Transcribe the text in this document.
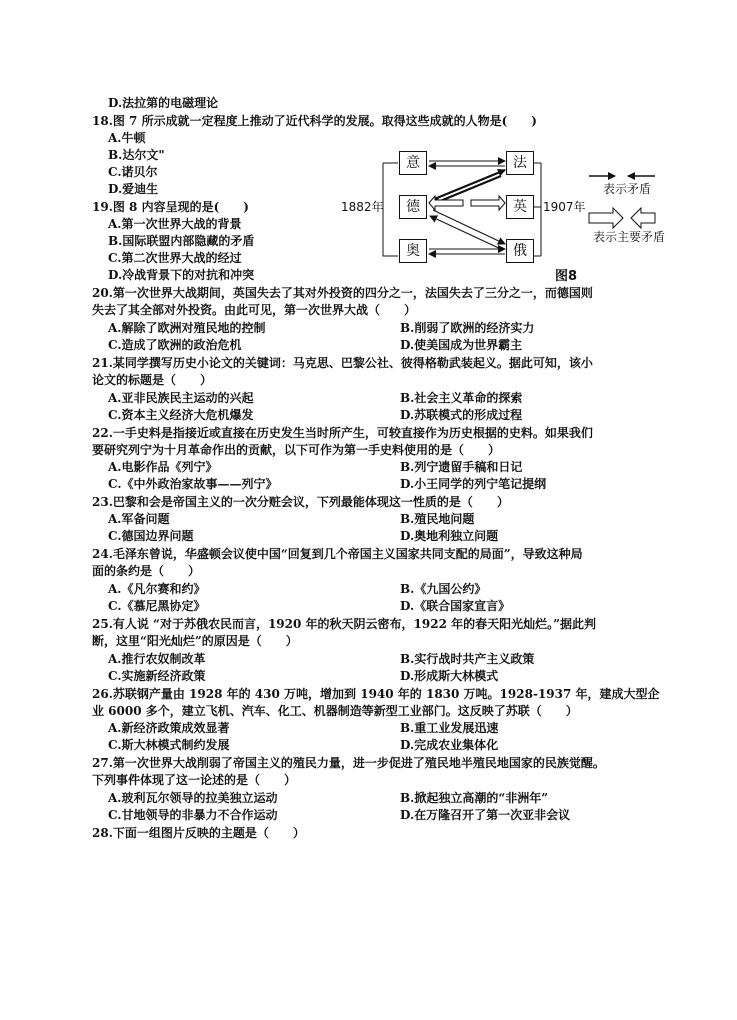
D.法拉第的电磁理论
18.图 7 所示成就一定程度上推动了近代科学的发展。取得这些成就的人物是(　　)
A.牛顿
B.达尔文"
C.诺贝尔
D.爱迪生
19.图 8 内容呈现的是(　　)
A.第一次世界大战的背景
B.国际联盟内部隐藏的矛盾
C.第二次世界大战的经过
D.冷战背景下的对抗和冲突
意	法
德	英
奥	俄
1882年	1907年
表示矛盾
表示主要矛盾
图8
20.第一次世界大战期间，英国失去了其对外投资的四分之一，法国失去了三分之一，而德国则
失去了其全部对外投资。由此可见，第一次世界大战（　　）
A.解除了欧洲对殖民地的控制	B.削弱了欧洲的经济实力
C.造成了欧洲的政治危机	D.使美国成为世界霸主
21.某同学撰写历史小论文的关键词：马克思、巴黎公社、彼得格勒武装起义。据此可知，该小
论文的标题是（　　）
A.亚非民族民主运动的兴起	B.社会主义革命的探索
C.资本主义经济大危机爆发	D.苏联模式的形成过程
22.一手史料是指接近或直接在历史发生当时所产生，可较直接作为历史根据的史料。如果我们
要研究列宁为十月革命作出的贡献，以下可作为第一手史料使用的是（　　）
A.电影作品《列宁》	B.列宁遗留手稿和日记
C.《中外政治家故事——列宁》	D.小王同学的列宁笔记提纲
23.巴黎和会是帝国主义的一次分赃会议，下列最能体现这一性质的是（　　）
A.军备问题	B.殖民地问题
C.德国边界问题	D.奥地利独立问题
24.毛泽东曾说，华盛顿会议使中国“回复到几个帝国主义国家共同支配的局面”，导致这种局
面的条约是（　　）
A.《凡尔赛和约》	B.《九国公约》
C.《慕尼黑协定》	D.《联合国家宣言》
25.有人说 “对于苏俄农民而言，1920 年的秋天阴云密布，1922 年的春天阳光灿烂。”据此判
断，这里“阳光灿烂”的原因是（　　）
A.推行农奴制改革	B.实行战时共产主义政策
C.实施新经济政策	D.形成斯大林模式
26.苏联钢产量由 1928 年的 430 万吨，增加到 1940 年的 1830 万吨。1928-1937 年，建成大型企
业 6000 多个，建立飞机、汽车、化工、机器制造等新型工业部门。这反映了苏联（　　）
A.新经济政策成效显著	B.重工业发展迅速
C.斯大林模式制约发展	D.完成农业集体化
27.第一次世界大战削弱了帝国主义的殖民力量，进一步促进了殖民地半殖民地国家的民族觉醒。
下列事件体现了这一论述的是（　　）
A.玻利瓦尔领导的拉美独立运动	B.掀起独立高潮的“非洲年”
C.甘地领导的非暴力不合作运动	D.在万隆召开了第一次亚非会议
28.下面一组图片反映的主题是（　　）
